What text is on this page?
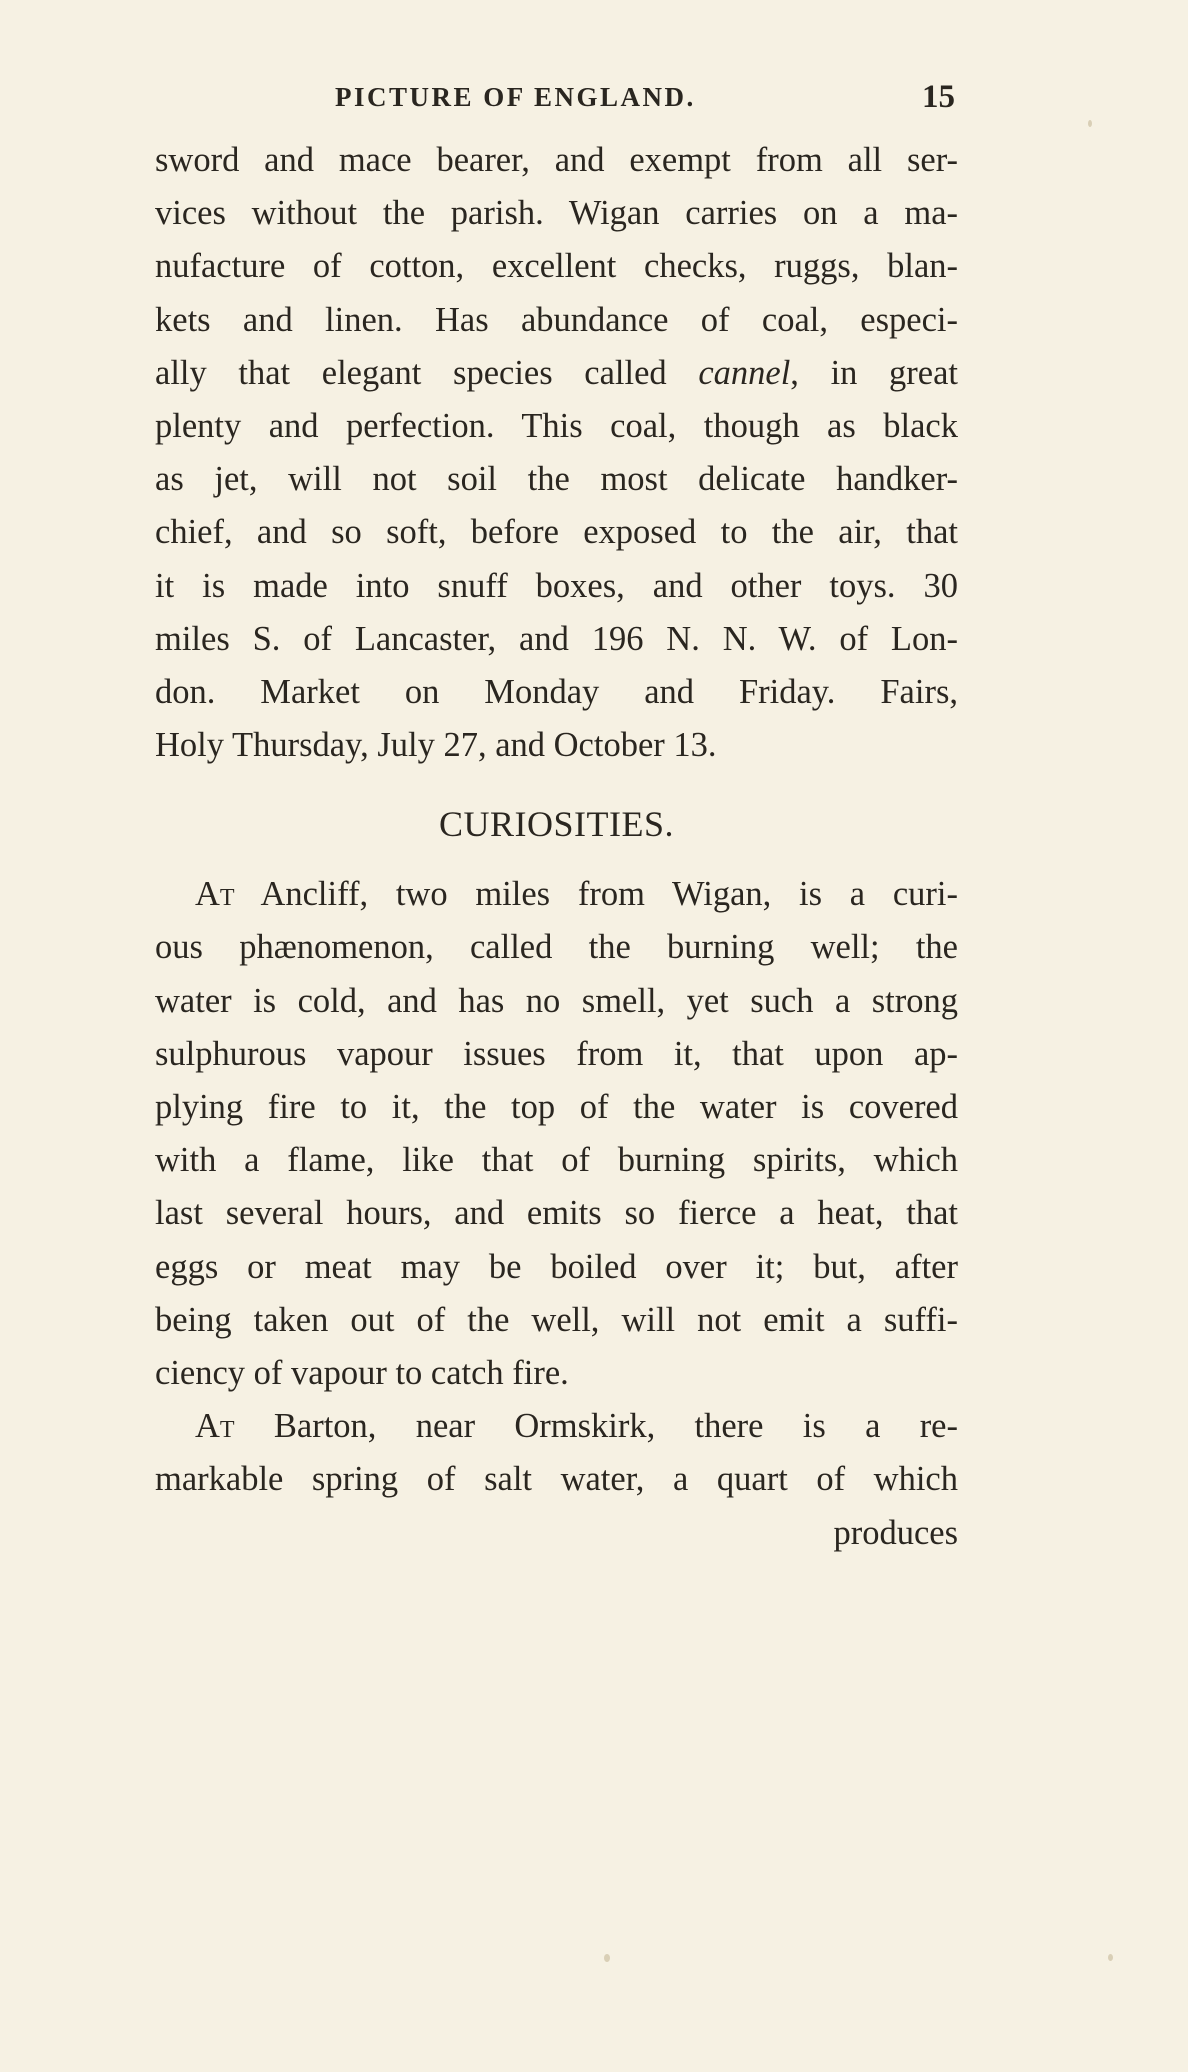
PICTURE OF ENGLAND.	15
sword and mace bearer, and exempt from all ser-
vices without the parish. Wigan carries on a ma-
nufacture of cotton, excellent checks, ruggs, blan-
kets and linen. Has abundance of coal, especi-
ally that elegant species called cannel, in great
plenty and perfection. This coal, though as black
as jet, will not soil the most delicate handker-
chief, and so soft, before exposed to the air, that
it is made into snuff boxes, and other toys. 30
miles S. of Lancaster, and 196 N. N. W. of Lon-
don. Market on Monday and Friday. Fairs,
Holy Thursday, July 27, and October 13.
CURIOSITIES.
At Ancliff, two miles from Wigan, is a curi-
ous phænomenon, called the burning well; the
water is cold, and has no smell, yet such a strong
sulphurous vapour issues from it, that upon ap-
plying fire to it, the top of the water is covered
with a flame, like that of burning spirits, which
last several hours, and emits so fierce a heat, that
eggs or meat may be boiled over it; but, after
being taken out of the well, will not emit a suffi-
ciency of vapour to catch fire.
At Barton, near Ormskirk, there is a re-
markable spring of salt water, a quart of which
produces
